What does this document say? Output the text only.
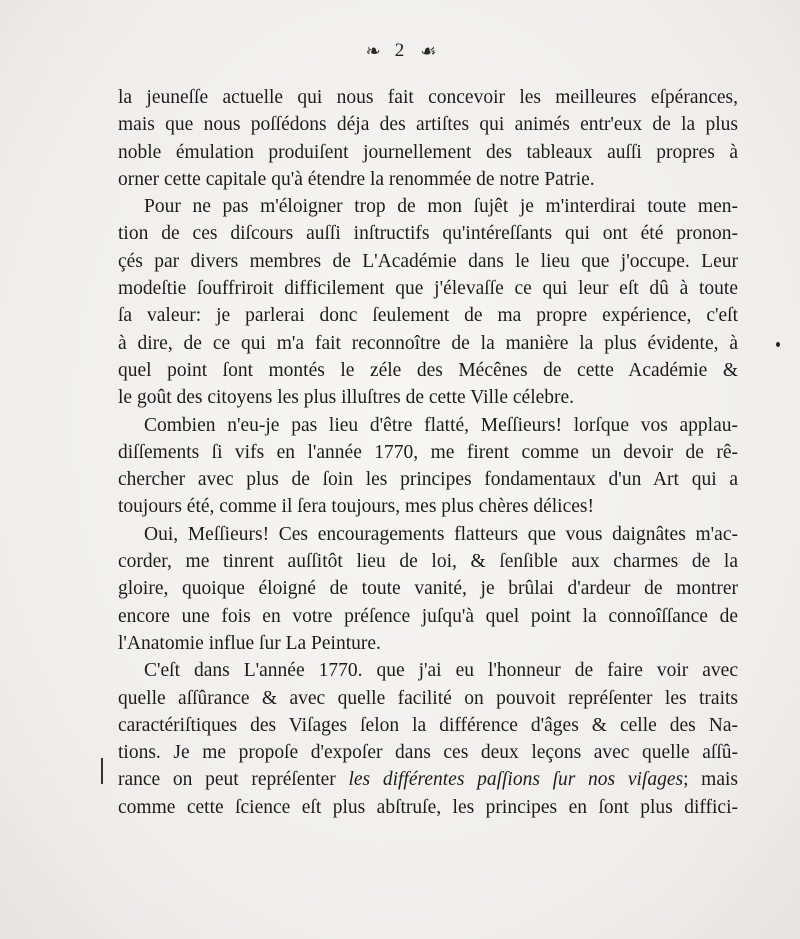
❧ 2 ☙
la jeuneſſe actuelle qui nous fait concevoir les meilleures eſpérances,
mais que nous poſſédons déja des artiſtes qui animés entr'eux de la plus
noble émulation produiſent journellement des tableaux auſſi propres à
orner cette capitale qu'à étendre la renommée de notre Patrie.
Pour ne pas m'éloigner trop de mon ſujêt je m'interdirai toute men-
tion de ces diſcours auſſi inſtructifs qu'intéreſſants qui ont été pronon-
çés par divers membres de L'Académie dans le lieu que j'occupe. Leur
modeſtie ſouffriroit difficilement que j'élevaſſe ce qui leur eſt dû à toute
ſa valeur: je parlerai donc ſeulement de ma propre expérience, c'eſt
à dire, de ce qui m'a fait reconnoître de la manière la plus évidente, à
quel point ſont montés le zéle des Mécênes de cette Académie &
le goût des citoyens les plus illuſtres de cette Ville célebre.
Combien n'eu-je pas lieu d'être flatté, Meſſieurs! lorſque vos applau-
diſſements ſi vifs en l'année 1770, me firent comme un devoir de rê-
chercher avec plus de ſoin les principes fondamentaux d'un Art qui a
toujours été, comme il ſera toujours, mes plus chères délices!
Oui, Meſſieurs! Ces encouragements flatteurs que vous daignâtes m'ac-
corder, me tinrent auſſitôt lieu de loi, & ſenſible aux charmes de la
gloire, quoique éloigné de toute vanité, je brûlai d'ardeur de montrer
encore une fois en votre préſence juſqu'à quel point la connoîſſance de
l'Anatomie influe ſur La Peinture.
C'eſt dans L'année 1770. que j'ai eu l'honneur de faire voir avec
quelle aſſûrance & avec quelle facilité on pouvoit repréſenter les traits
caractériſtiques des Viſages ſelon la différence d'âges & celle des Na-
tions. Je me propoſe d'expoſer dans ces deux leçons avec quelle aſſû-
rance on peut repréſenter les différentes paſſions ſur nos viſages; mais
comme cette ſcience eſt plus abſtruſe, les principes en ſont plus diffici-
